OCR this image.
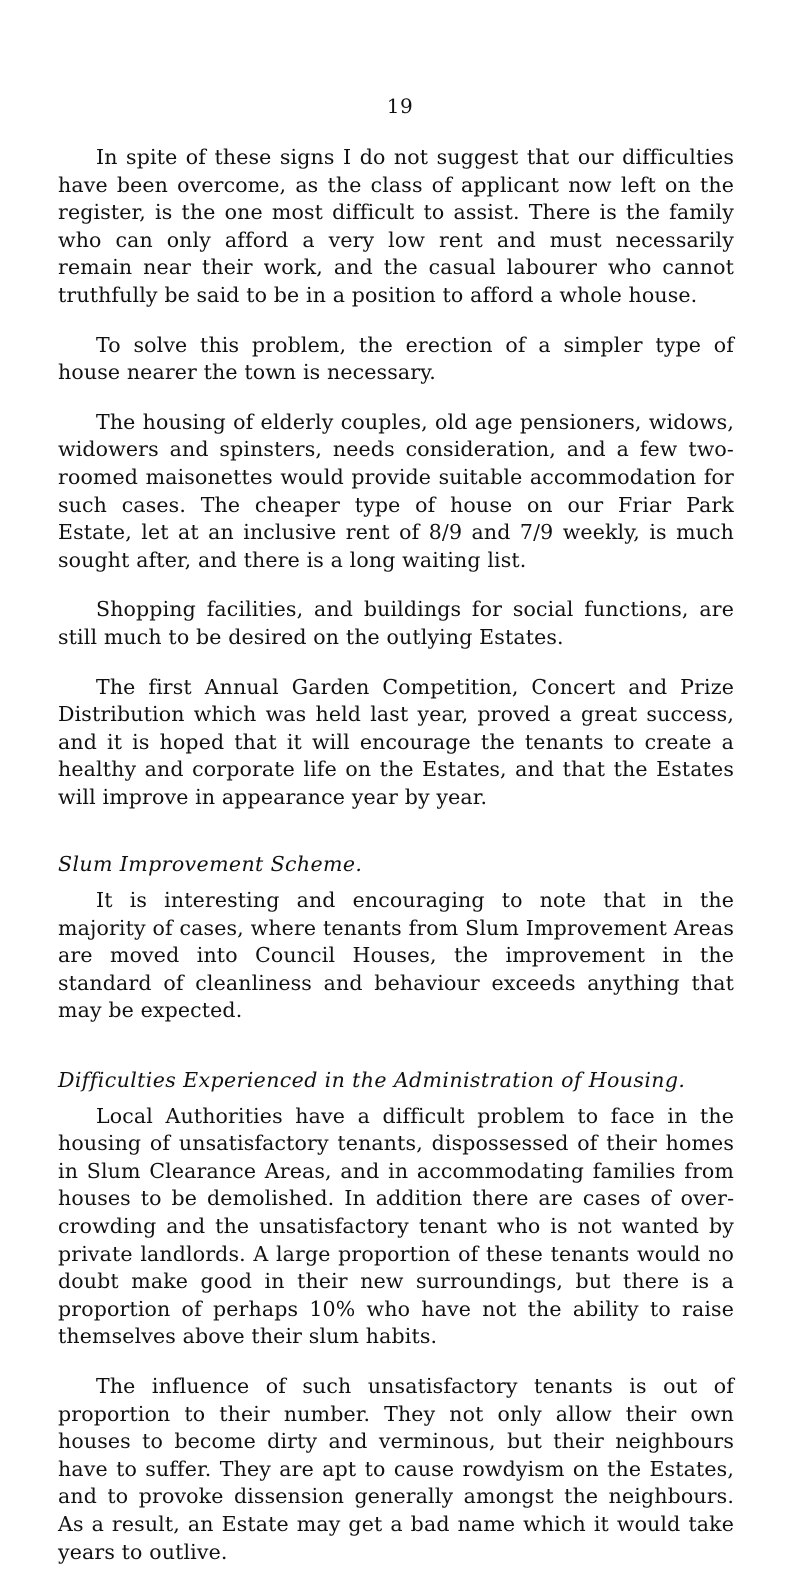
19

In spite of these signs I do not suggest that our difficulties have been overcome, as the class of applicant now left on the register, is the one most difficult to assist. There is the family who can only afford a very low rent and must necessarily remain near their work, and the casual labourer who cannot truthfully be said to be in a position to afford a whole house.

To solve this problem, the erection of a simpler type of house nearer the town is necessary.

The housing of elderly couples, old age pensioners, widows, widowers and spinsters, needs consideration, and a few two-roomed maisonettes would provide suitable accommodation for such cases. The cheaper type of house on our Friar Park Estate, let at an inclusive rent of 8/9 and 7/9 weekly, is much sought after, and there is a long waiting list.

Shopping facilities, and buildings for social functions, are still much to be desired on the outlying Estates.

The first Annual Garden Competition, Concert and Prize Distribution which was held last year, proved a great success, and it is hoped that it will encourage the tenants to create a healthy and corporate life on the Estates, and that the Estates will improve in appearance year by year.

Slum Improvement Scheme.

It is interesting and encouraging to note that in the majority of cases, where tenants from Slum Improvement Areas are moved into Council Houses, the improvement in the standard of cleanliness and behaviour exceeds anything that may be expected.

Difficulties Experienced in the Administration of Housing.

Local Authorities have a difficult problem to face in the housing of unsatisfactory tenants, dispossessed of their homes in Slum Clearance Areas, and in accommodating families from houses to be demolished. In addition there are cases of overcrowding and the unsatisfactory tenant who is not wanted by private landlords. A large proportion of these tenants would no doubt make good in their new surroundings, but there is a proportion of perhaps 10% who have not the ability to raise themselves above their slum habits.

The influence of such unsatisfactory tenants is out of proportion to their number. They not only allow their own houses to become dirty and verminous, but their neighbours have to suffer. They are apt to cause rowdyism on the Estates, and to provoke dissension generally amongst the neighbours. As a result, an Estate may get a bad name which it would take years to outlive.
